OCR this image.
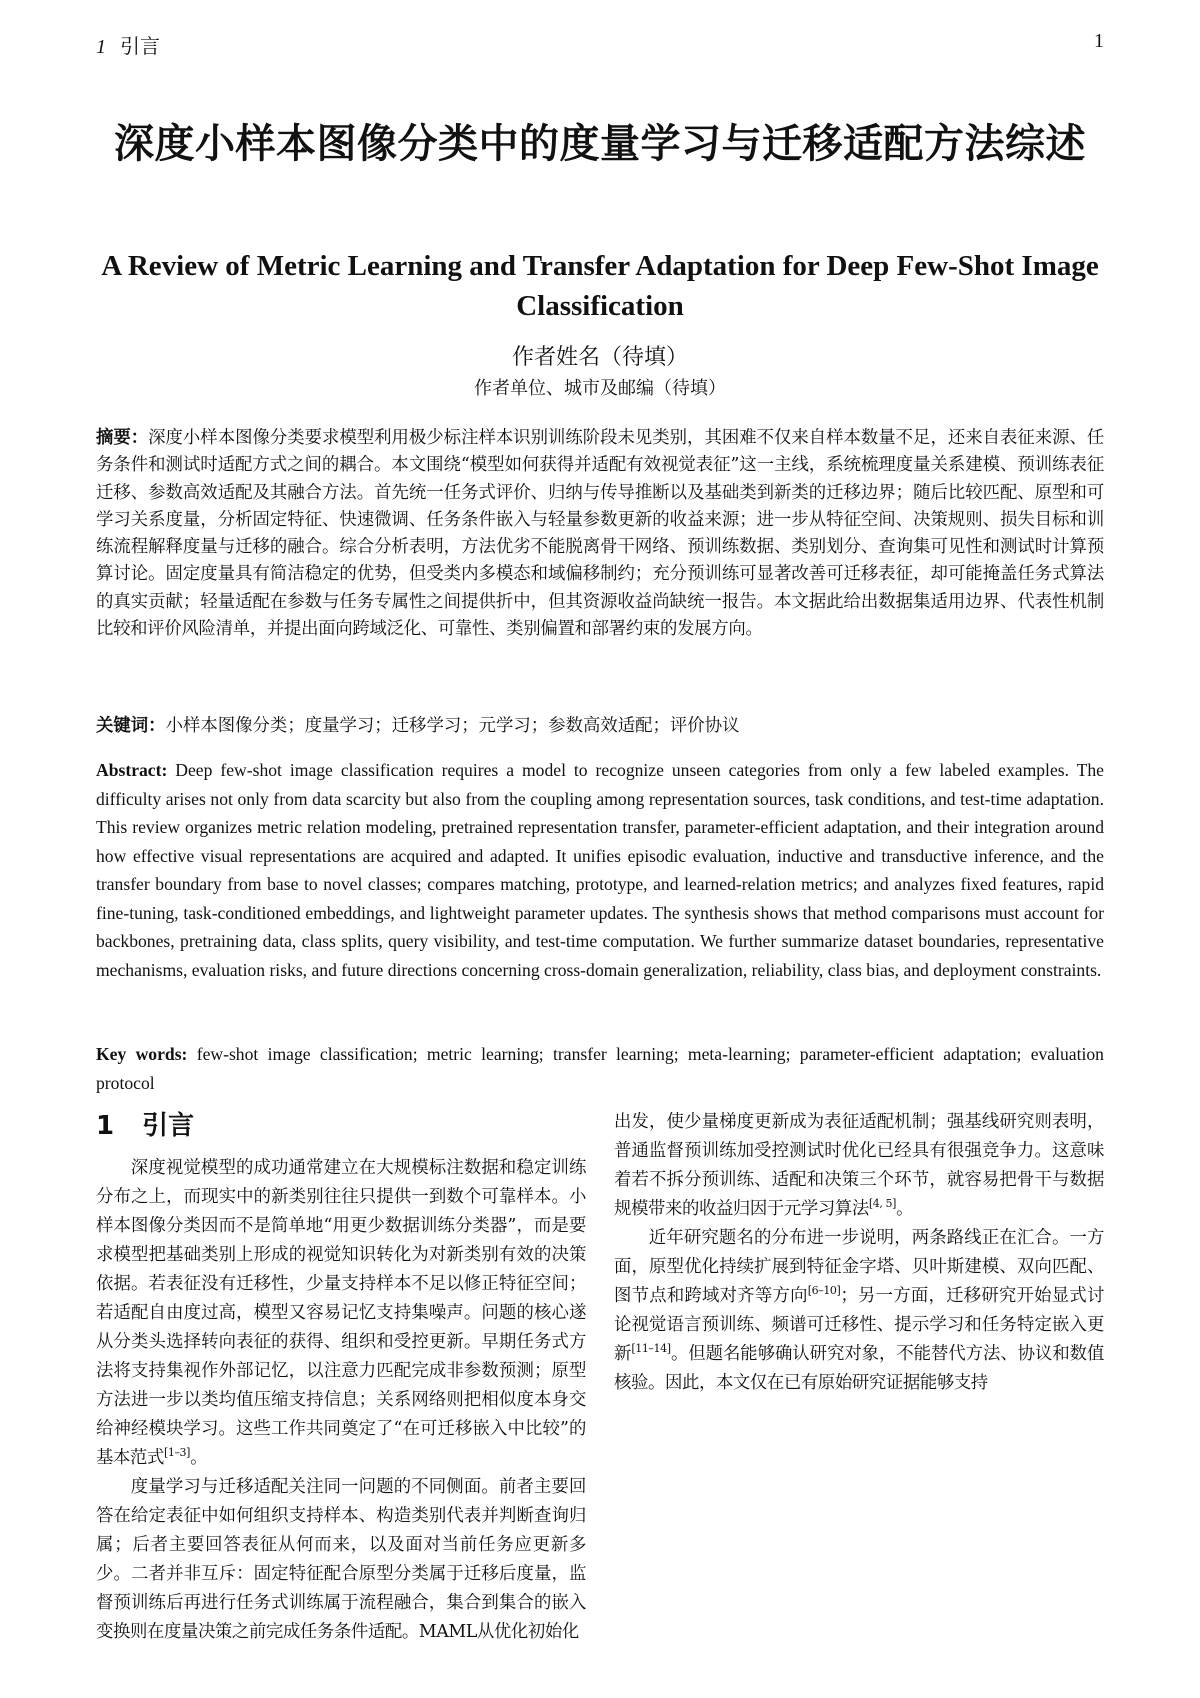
1 引言	1
深度小样本图像分类中的度量学习与迁移适配方法综述
A Review of Metric Learning and Transfer Adaptation for Deep Few-Shot Image Classification
作者姓名（待填）
作者单位、城市及邮编（待填）
摘要：深度小样本图像分类要求模型利用极少标注样本识别训练阶段未见类别，其困难不仅来自样本数量不足，还来自表征来源、任务条件和测试时适配方式之间的耦合。本文围绕“模型如何获得并适配有效视觉表征”这一主线，系统梳理度量关系建模、预训练表征迁移、参数高效适配及其融合方法。首先统一任务式评价、归纳与传导推断以及基础类到新类的迁移边界；随后比较匹配、原型和可学习关系度量，分析固定特征、快速微调、任务条件嵌入与轻量参数更新的收益来源；进一步从特征空间、决策规则、损失目标和训练流程解释度量与迁移的融合。综合分析表明，方法优劣不能脱离骨干网络、预训练数据、类别划分、查询集可见性和测试时计算预算讨论。固定度量具有简洁稳定的优势，但受类内多模态和域偏移制约；充分预训练可显著改善可迁移表征，却可能掩盖任务式算法的真实贡献；轻量适配在参数与任务专属性之间提供折中，但其资源收益尚缺统一报告。本文据此给出数据集适用边界、代表性机制比较和评价风险清单，并提出面向跨域泛化、可靠性、类别偏置和部署约束的发展方向。
关键词：小样本图像分类；度量学习；迁移学习；元学习；参数高效适配；评价协议
Abstract: Deep few-shot image classification requires a model to recognize unseen categories from only a few labeled examples. The difficulty arises not only from data scarcity but also from the coupling among representation sources, task conditions, and test-time adaptation. This review organizes metric relation modeling, pretrained representation transfer, parameter-efficient adaptation, and their integration around how effective visual representations are acquired and adapted. It unifies episodic evaluation, inductive and transductive inference, and the transfer boundary from base to novel classes; compares matching, prototype, and learned-relation metrics; and analyzes fixed features, rapid fine-tuning, task-conditioned embeddings, and lightweight parameter updates. The synthesis shows that method comparisons must account for backbones, pretraining data, class splits, query visibility, and test-time computation. We further summarize dataset boundaries, representative mechanisms, evaluation risks, and future directions concerning cross-domain generalization, reliability, class bias, and deployment constraints.
Key words: few-shot image classification; metric learning; transfer learning; meta-learning; parameter-efficient adaptation; evaluation protocol
1 引言

深度视觉模型的成功通常建立在大规模标注数据和稳定训练分布之上，而现实中的新类别往往只提供一到数个可靠样本。小样本图像分类因而不是简单地“用更少数据训练分类器”，而是要求模型把基础类别上形成的视觉知识转化为对新类别有效的决策依据。若表征没有迁移性，少量支持样本不足以修正特征空间；若适配自由度过高，模型又容易记忆支持集噪声。问题的核心遂从分类头选择转向表征的获得、组织和受控更新。早期任务式方法将支持集视作外部记忆，以注意力匹配完成非参数预测；原型方法进一步以类均值压缩支持信息；关系网络则把相似度本身交给神经模块学习。这些工作共同奠定了“在可迁移嵌入中比较”的基本范式[1–3]。

度量学习与迁移适配关注同一问题的不同侧面。前者主要回答在给定表征中如何组织支持样本、构造类别代表并判断查询归属；后者主要回答表征从何而来，以及面对当前任务应更新多少。二者并非互斥：固定特征配合原型分类属于迁移后度量，监督预训练后再进行任务式训练属于流程融合，集合到集合的嵌入变换则在度量决策之前完成任务条件适配。MAML从优化初始化

出发，使少量梯度更新成为表征适配机制；强基线研究则表明，普通监督预训练加受控测试时优化已经具有很强竞争力。这意味着若不拆分预训练、适配和决策三个环节，就容易把骨干与数据规模带来的收益归因于元学习算法[4, 5]。

近年研究题名的分布进一步说明，两条路线正在汇合。一方面，原型优化持续扩展到特征金字塔、贝叶斯建模、双向匹配、图节点和跨域对齐等方向[6–10]；另一方面，迁移研究开始显式讨论视觉语言预训练、频谱可迁移性、提示学习和任务特定嵌入更新[11–14]。但题名能够确认研究对象，不能替代方法、协议和数值核验。因此，本文仅在已有原始研究证据能够支持
